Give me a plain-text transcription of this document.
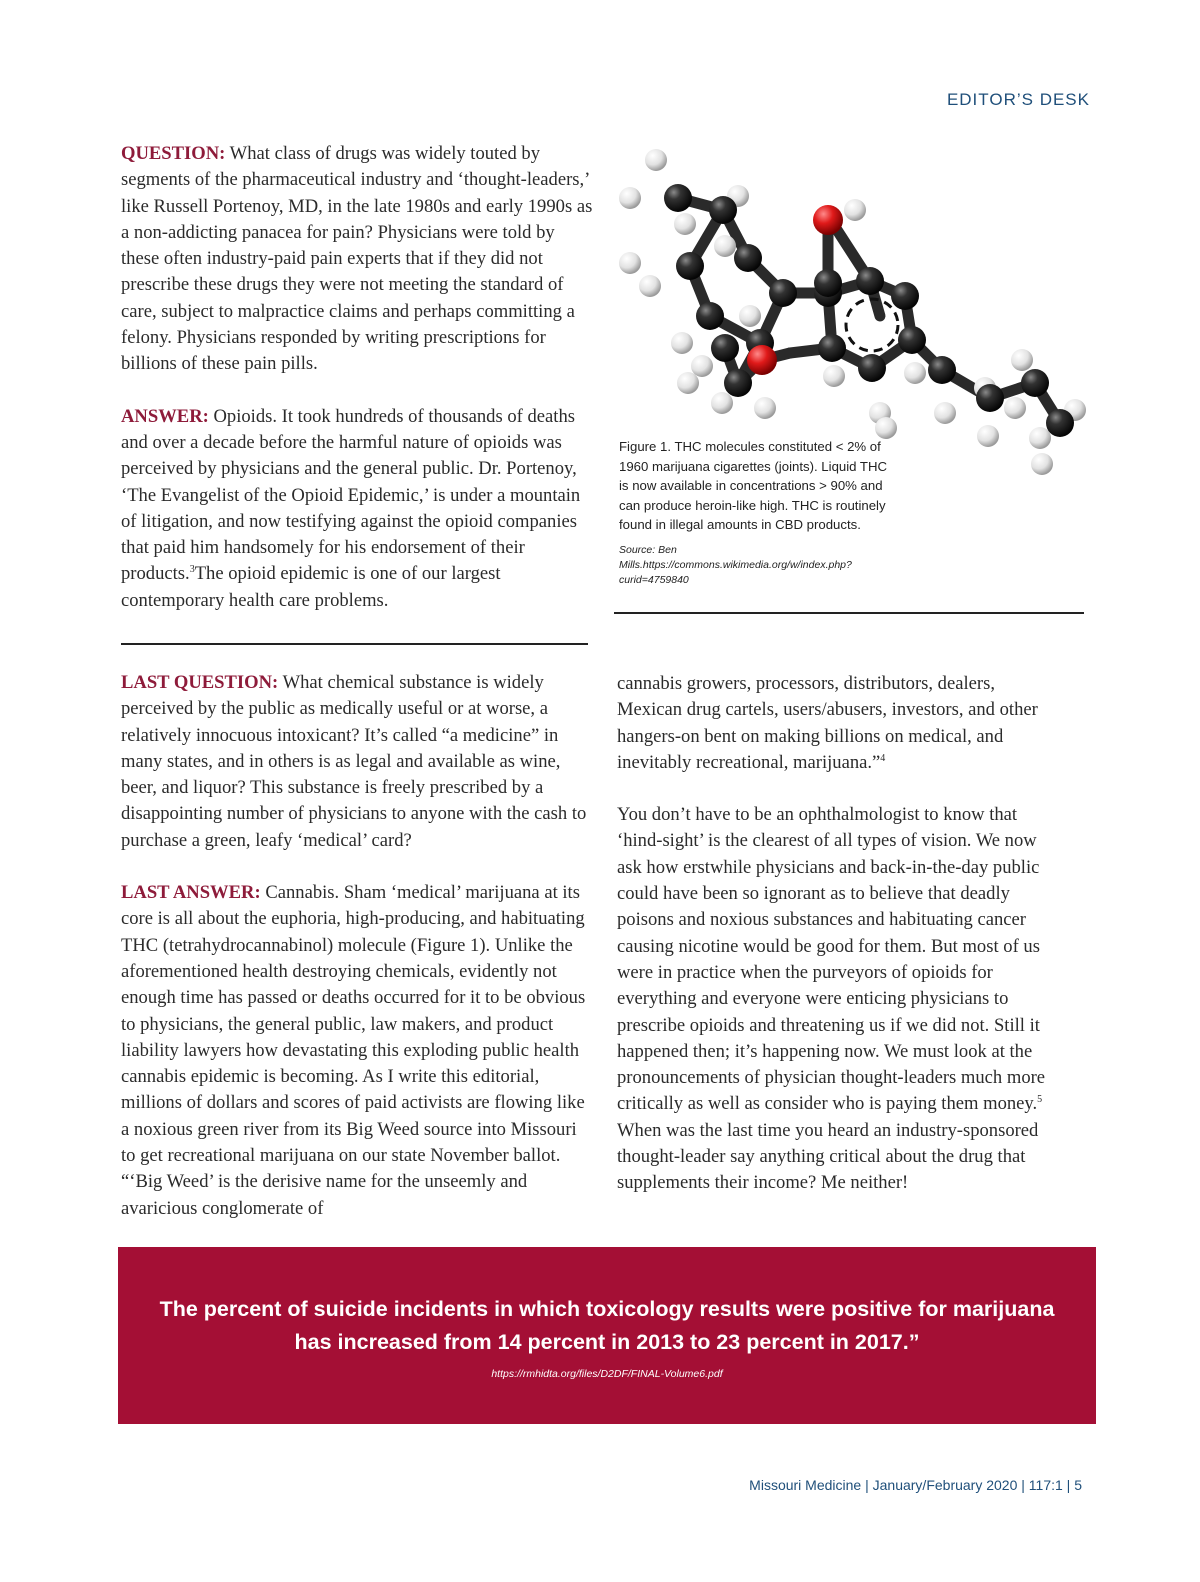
EDITOR’S DESK

QUESTION: What class of drugs was widely touted by segments of the pharmaceutical industry and ‘thought-leaders,’ like Russell Portenoy, MD, in the late 1980s and early 1990s as a non-addicting panacea for pain? Physicians were told by these often industry-paid pain experts that if they did not prescribe these drugs they were not meeting the standard of care, subject to malpractice claims and perhaps committing a felony. Physicians responded by writing prescriptions for billions of these pain pills.

ANSWER: Opioids. It took hundreds of thousands of deaths and over a decade before the harmful nature of opioids was perceived by physicians and the general public. Dr. Portenoy, ‘The Evangelist of the Opioid Epidemic,’ is under a mountain of litigation, and now testifying against the opioid companies that paid him handsomely for his endorsement of their products.$^3$The opioid epidemic is one of our largest contemporary health care problems.

Figure 1. THC molecules constituted < 2% of 1960 marijuana cigarettes (joints). Liquid THC is now available in concentrations > 90% and can produce heroin-like high. THC is routinely found in illegal amounts in CBD products.

Source: Ben Mills.https://commons.wikimedia.org/w/index.php?curid=4759840

LAST QUESTION: What chemical substance is widely perceived by the public as medically useful or at worse, a relatively innocuous intoxicant? It’s called “a medicine” in many states, and in others is as legal and available as wine, beer, and liquor? This substance is freely prescribed by a disappointing number of physicians to anyone with the cash to purchase a green, leafy ‘medical’ card?

LAST ANSWER: Cannabis. Sham ‘medical’ marijuana at its core is all about the euphoria, high-producing, and habituating THC (tetrahydrocannabinol) molecule (Figure 1). Unlike the aforementioned health destroying chemicals, evidently not enough time has passed or deaths occurred for it to be obvious to physicians, the general public, law makers, and product liability lawyers how devastating this exploding public health cannabis epidemic is becoming. As I write this editorial, millions of dollars and scores of paid activists are flowing like a noxious green river from its Big Weed source into Missouri to get recreational marijuana on our state November ballot. “‘Big Weed’ is the derisive name for the unseemly and avaricious conglomerate of

cannabis growers, processors, distributors, dealers, Mexican drug cartels, users/abusers, investors, and other hangers-on bent on making billions on medical, and inevitably recreational, marijuana.”$^4$

You don’t have to be an ophthalmologist to know that ‘hind-sight’ is the clearest of all types of vision. We now ask how erstwhile physicians and back-in-the-day public could have been so ignorant as to believe that deadly poisons and noxious substances and habituating cancer causing nicotine would be good for them. But most of us were in practice when the purveyors of opioids for everything and everyone were enticing physicians to prescribe opioids and threatening us if we did not. Still it happened then; it’s happening now. We must look at the pronouncements of physician thought-leaders much more critically as well as consider who is paying them money.$^5$ When was the last time you heard an industry-sponsored thought-leader say anything critical about the drug that supplements their income? Me neither!

The percent of suicide incidents in which toxicology results were positive for marijuana has increased from 14 percent in 2013 to 23 percent in 2017.”
https://rmhidta.org/files/D2DF/FINAL-Volume6.pdf
Missouri Medicine | January/February 2020 | 117:1 | 5
